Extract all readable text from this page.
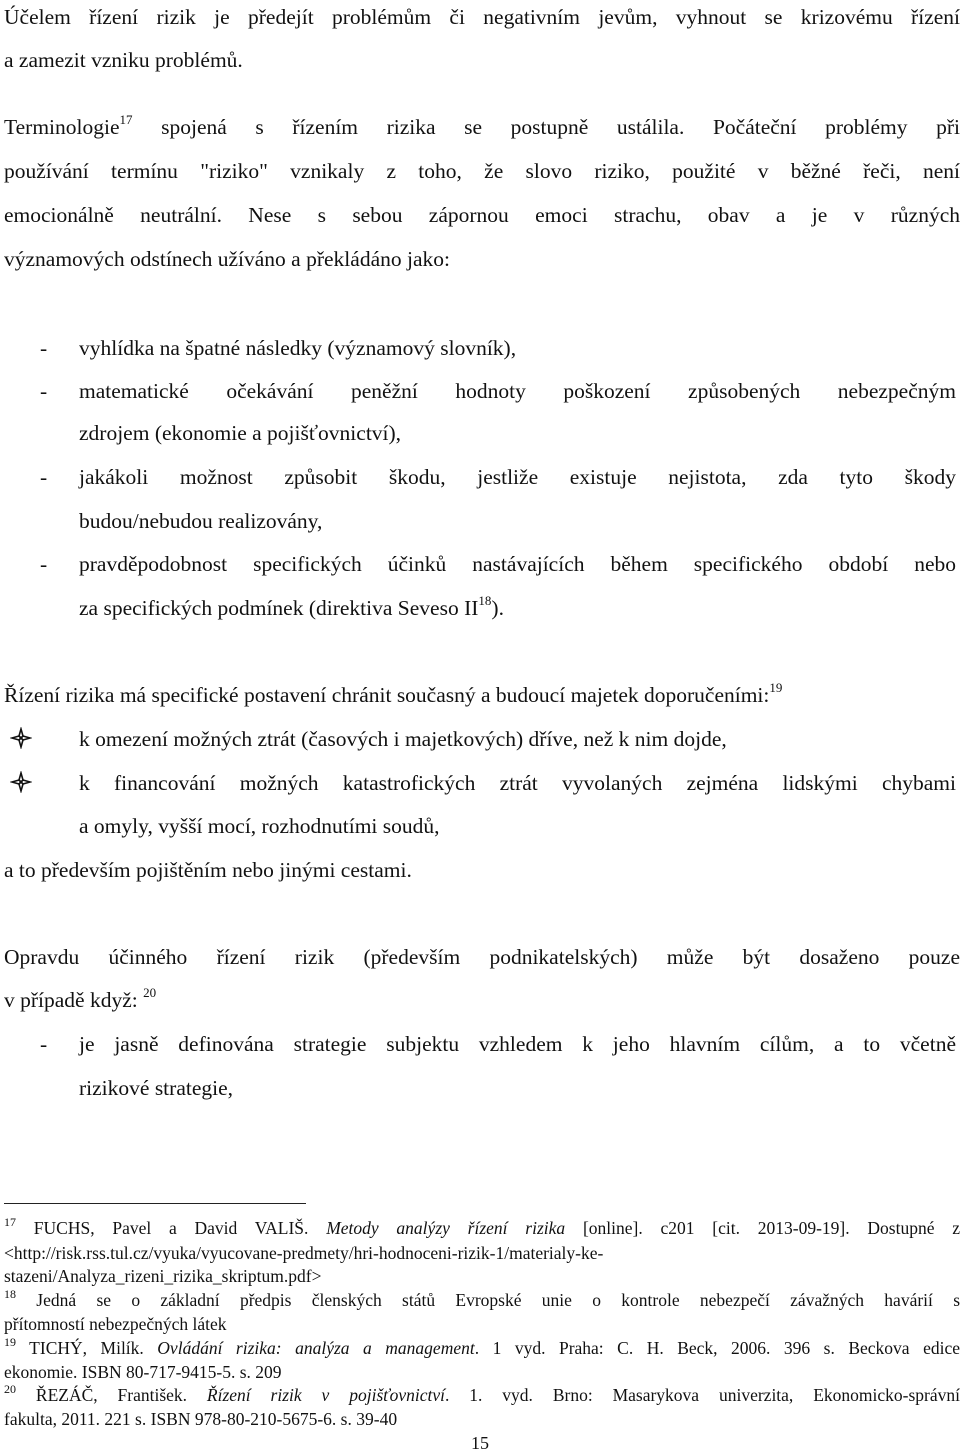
Účelem řízení rizik je předejít problémům či negativním jevům, vyhnout se krizovému řízení
a zamezit vzniku problémů.
Terminologie$^{17}$ spojená s řízením rizika se postupně ustálila. Počáteční problémy při
používání termínu "riziko" vznikaly z toho, že slovo riziko, použité v běžné řeči, není
emocionálně neutrální. Nese s sebou zápornou emoci strachu, obav a je v různých
významových odstínech užíváno a překládáno jako:
- vyhlídka na špatné následky (významový slovník),
- matematické očekávání peněžní hodnoty poškození způsobených nebezpečným
zdrojem (ekonomie a pojišťovnictví),
- jakákoli možnost způsobit škodu, jestliže existuje nejistota, zda tyto škody
budou/nebudou realizovány,
- pravděpodobnost specifických účinků nastávajících během specifického období nebo
za specifických podmínek (direktiva Seveso II$^{18}$).
Řízení rizika má specifické postavení chránit současný a budoucí majetek doporučeními:$^{19}$
k omezení možných ztrát (časových i majetkových) dříve, než k nim dojde,
k financování možných katastrofických ztrát vyvolaných zejména lidskými chybami
a omyly, vyšší mocí, rozhodnutími soudů,
a to především pojištěním nebo jinými cestami.
Opravdu účinného řízení rizik (především podnikatelských) může být dosaženo pouze
v případě když: $^{20}$
- je jasně definována strategie subjektu vzhledem k jeho hlavním cílům, a to včetně
rizikové strategie,
$^{17}$ FUCHS, Pavel a David VALIŠ. Metody analýzy řízení rizika [online]. c201 [cit. 2013-09-19]. Dostupné z
<http://risk.rss.tul.cz/vyuka/vyucovane-predmety/hri-hodnoceni-rizik-1/materialy-ke-
stazeni/Analyza_rizeni_rizika_skriptum.pdf>
$^{18}$ Jedná se o základní předpis členských států Evropské unie o kontrole nebezpečí závažných havárií s
přítomností nebezpečných látek
$^{19}$ TICHÝ, Milík. Ovládání rizika: analýza a management. 1 vyd. Praha: C. H. Beck, 2006. 396 s. Beckova edice
ekonomie. ISBN 80-717-9415-5. s. 209
$^{20}$ ŘEZÁČ, František. Řízení rizik v pojišťovnictví. 1. vyd. Brno: Masarykova univerzita, Ekonomicko-správní
fakulta, 2011. 221 s. ISBN 978-80-210-5675-6. s. 39-40
15
